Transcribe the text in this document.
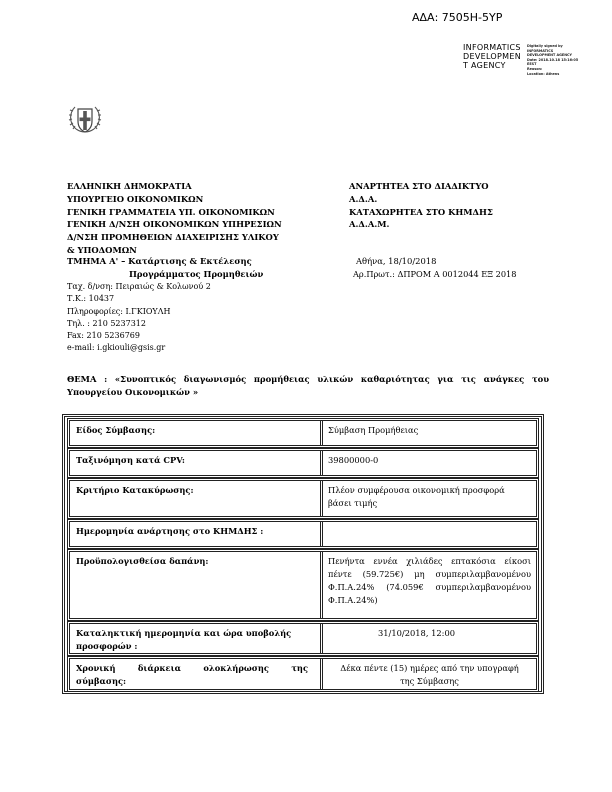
ΑΔΑ: 7505Η-5ΥΡ
INFORMATICS
DEVELOPMEN
T AGENCY
Digitally signed by
INFORMATICS
DEVELOPMENT AGENCY
Date: 2018.10.18 15:16:05
EEST
Reason:
Location: Athens
ΕΛΛΗΝΙΚΗ ΔΗΜΟΚΡΑΤΙΑ
ΥΠΟΥΡΓΕΙΟ ΟΙΚΟΝΟΜΙΚΩΝ
ΓΕΝΙΚΗ ΓΡΑΜΜΑΤΕΙΑ ΥΠ. ΟΙΚΟΝΟΜΙΚΩΝ
ΓΕΝΙΚΗ Δ/ΝΣΗ ΟΙΚΟΝΟΜΙΚΩΝ ΥΠΗΡΕΣΙΩΝ
Δ/ΝΣΗ ΠΡΟΜΗΘΕΙΩΝ ΔΙΑΧΕΙΡΙΣΗΣ ΥΛΙΚΟΥ
& ΥΠΟΔΟΜΩΝ
ΤΜΗΜΑ Α' – Κατάρτισης & Εκτέλεσης
Προγράμματος Προμηθειών
Ταχ. δ/νση: Πειραιώς & Κολωνού 2
Τ.Κ.: 10437
Πληροφορίες: Ι.ΓΚΙΟΥΛΗ
Τηλ. : 210 5237312
Fax: 210 5236769
e-mail: i.gkiouli@gsis.gr
ΑΝΑΡΤΗΤΕΑ ΣΤΟ ΔΙΑΔΙΚΤΥΟ
Α.Δ.Α.
ΚΑΤΑΧΩΡΗΤΕΑ ΣΤΟ ΚΗΜΔΗΣ
Α.Δ.Α.Μ.
Αθήνα, 18/10/2018
Αρ.Πρωτ.: ΔΠΡΟΜ Α 0012044 ΕΞ 2018
ΘΕΜΑ : «Συνοπτικός διαγωνισμός προμήθειας υλικών καθαριότητας για τις ανάγκες του Υπουργείου Οικονομικών »
Είδος Σύμβασης:	Σύμβαση Προμήθειας
Ταξινόμηση κατά CPV:	39800000-0
Κριτήριο Κατακύρωσης:	Πλέον συμφέρουσα οικονομική προσφορά
βάσει τιμής
Ημερομηνία ανάρτησης στο ΚΗΜΔΗΣ :
Προϋπολογισθείσα δαπάνη:	Πενήντα εννέα χιλιάδες επτακόσια είκοσι
πέντε (59.725€) μη συμπεριλαμβανομένου
Φ.Π.Α.24% (74.059€ συμπεριλαμβανομένου
Φ.Π.Α.24%)
Καταληκτική ημερομηνία και ώρα υποβολής
προσφορών :
31/10/2018, 12:00
Χρονική διάρκεια ολοκλήρωσης της
σύμβασης:
Δέκα πέντε (15) ημέρες από την υπογραφή
της Σύμβασης
